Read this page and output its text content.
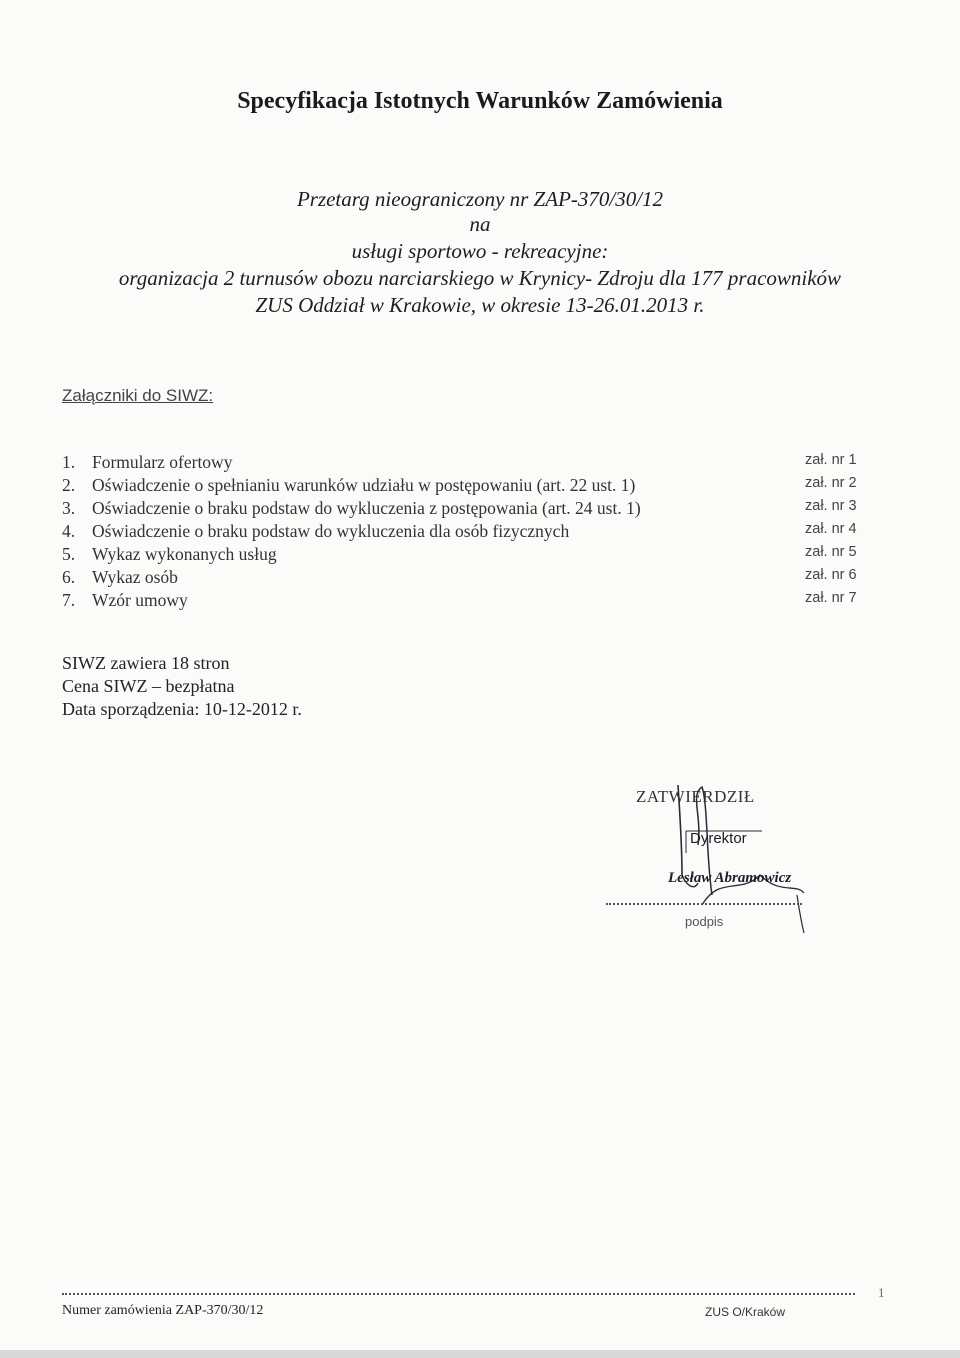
Specyfikacja Istotnych Warunków Zamówienia
Przetarg nieograniczony nr ZAP-370/30/12
na
usługi sportowo - rekreacyjne:
organizacja 2 turnusów obozu narciarskiego w Krynicy- Zdroju dla 177 pracowników
ZUS Oddział w Krakowie, w okresie 13-26.01.2013 r.
Załączniki do SIWZ:
1. Formularz ofertowy	zał. nr 1
2. Oświadczenie o spełnianiu warunków udziału w postępowaniu (art. 22 ust. 1)	zał. nr 2
3. Oświadczenie o braku podstaw do wykluczenia z postępowania (art. 24 ust. 1)	zał. nr 3
4. Oświadczenie o braku podstaw do wykluczenia dla osób fizycznych	zał. nr 4
5. Wykaz wykonanych usług	zał. nr 5
6. Wykaz osób	zał. nr 6
7. Wzór umowy	zał. nr 7
SIWZ zawiera 18 stron
Cena SIWZ – bezpłatna
Data sporządzenia: 10-12-2012 r.
ZATWIERDZIŁ
Dyrektor
Lesław Abramowicz
podpis
1
Numer zamówienia ZAP-370/30/12	ZUS O/Kraków
